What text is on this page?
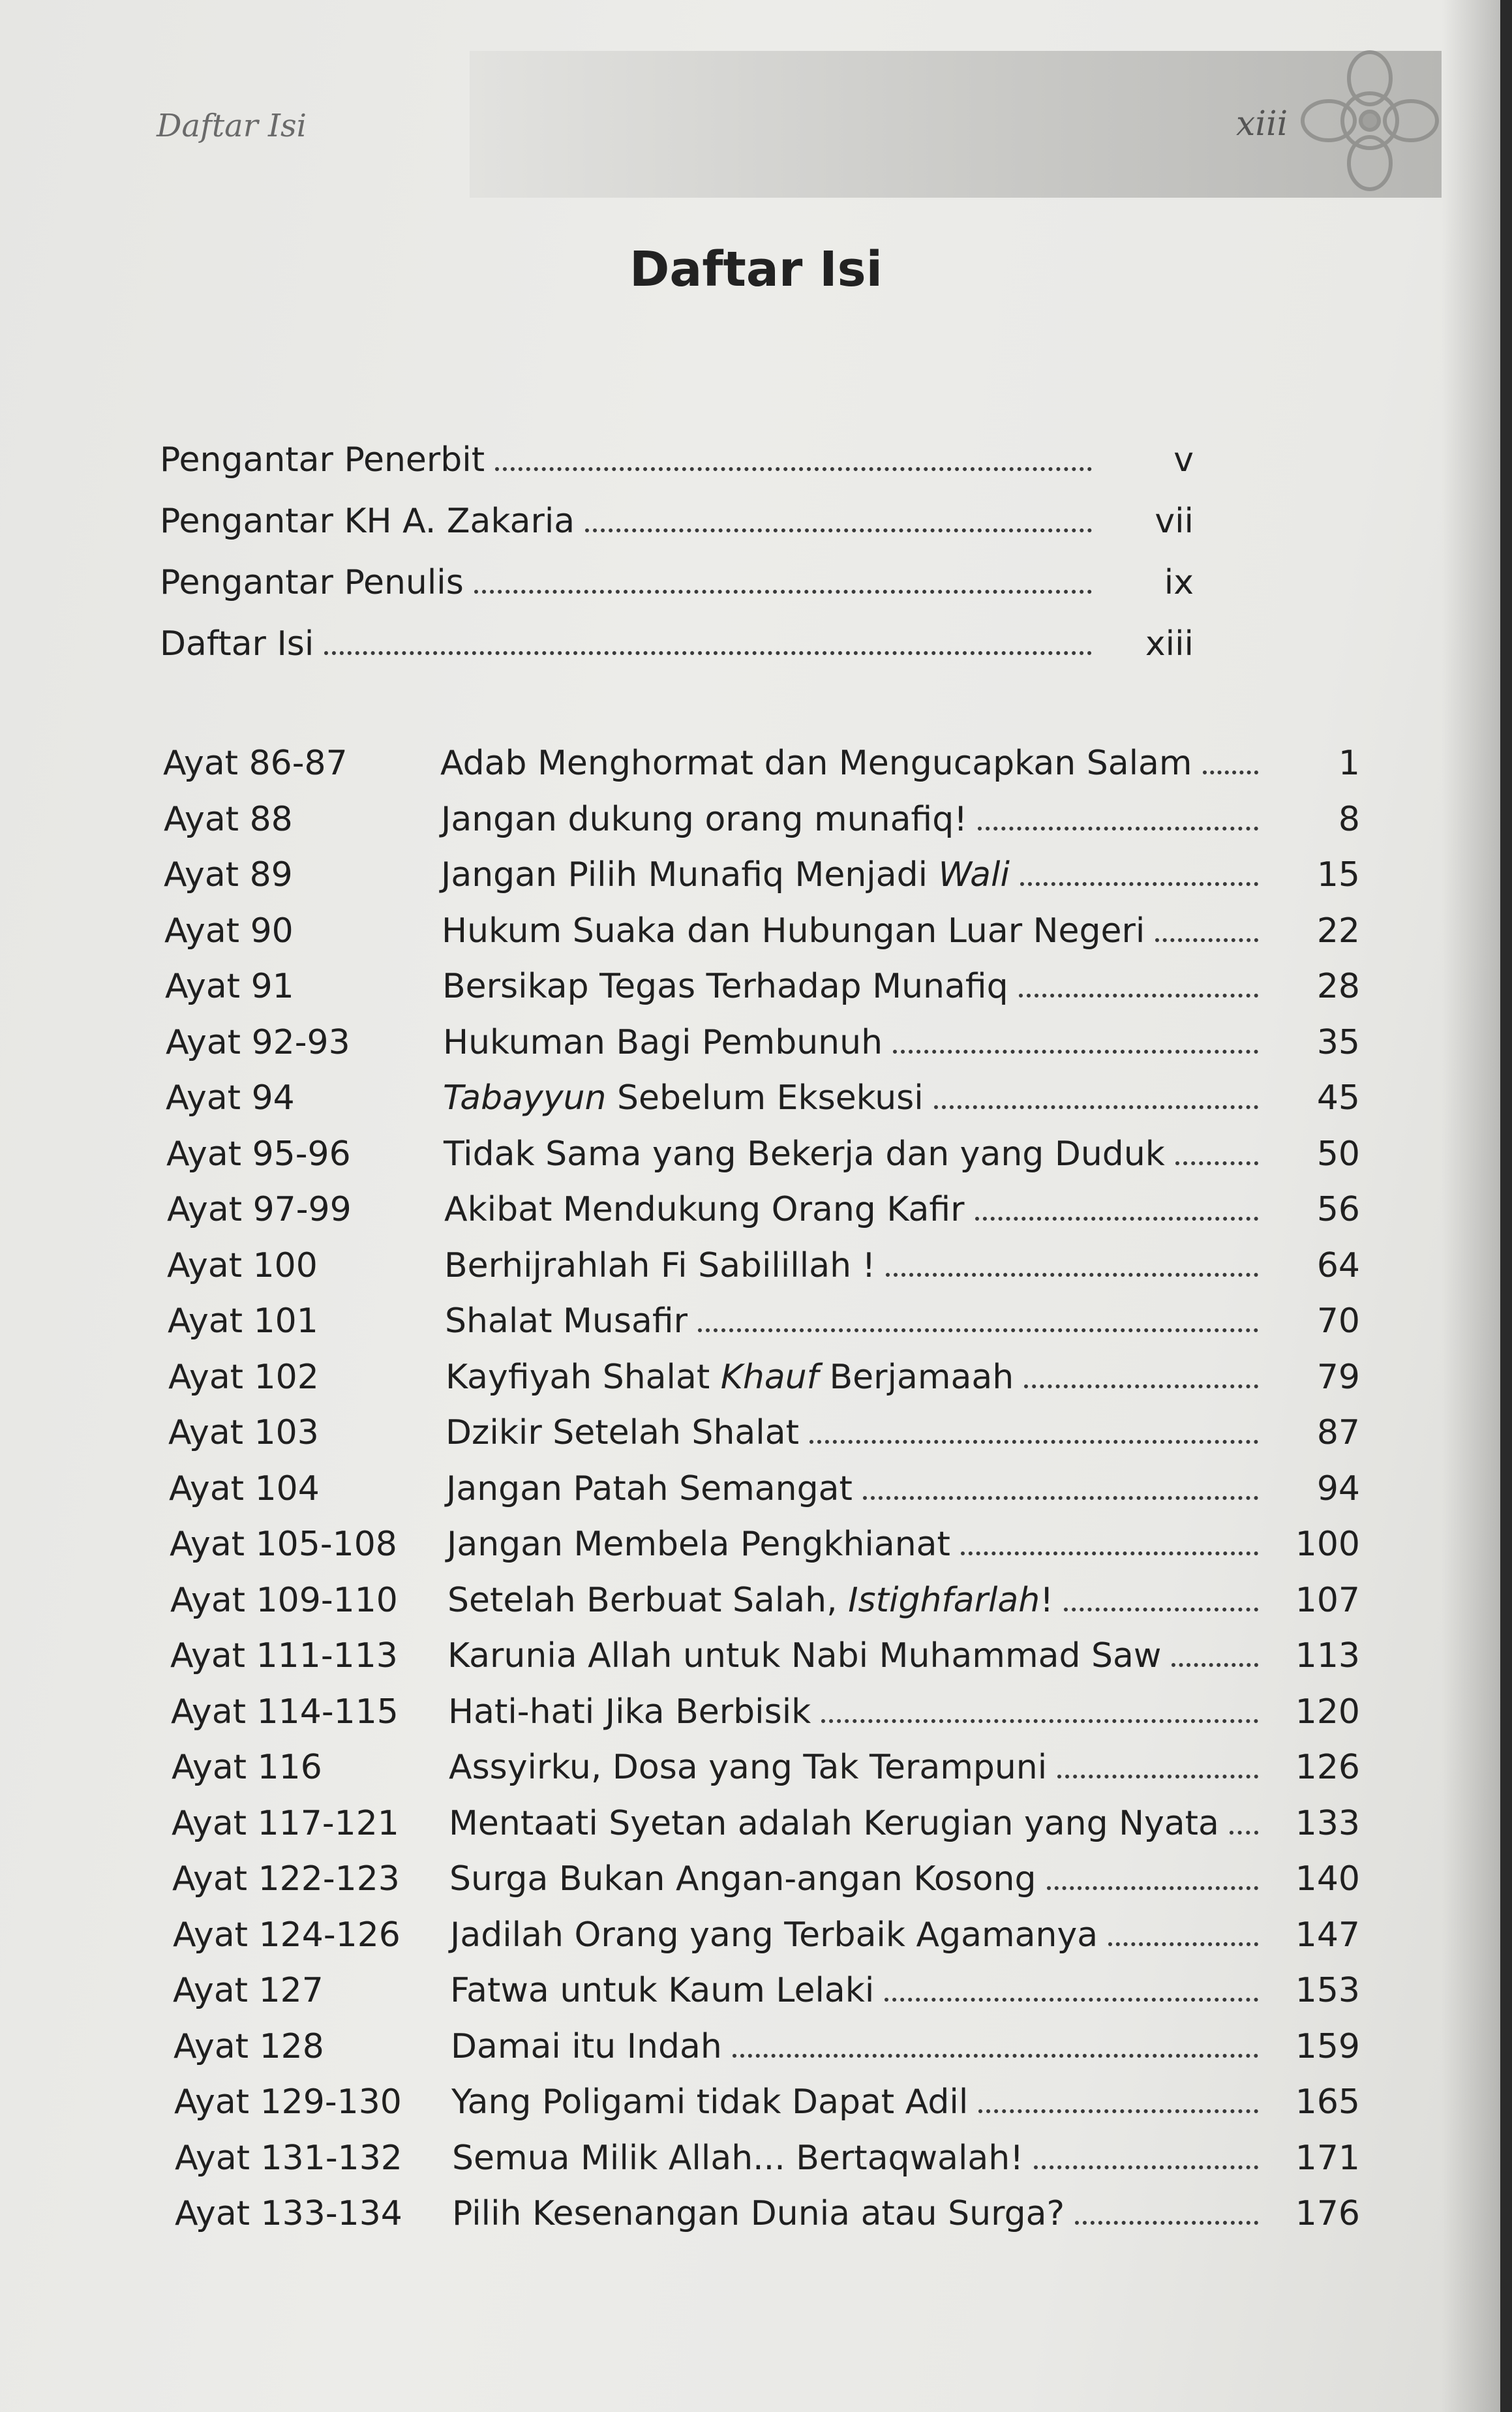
Daftar Isi	xiii
Daftar Isi
Pengantar Penerbit	v
Pengantar KH A. Zakaria	vii
Pengantar Penulis	ix
Daftar Isi	xiii
Ayat 86-87	Adab Menghormat dan Mengucapkan Salam	1
Ayat 88	Jangan dukung orang munafiq!	8
Ayat 89	Jangan Pilih Munafiq Menjadi Wali	15
Ayat 90	Hukum Suaka dan Hubungan Luar Negeri	22
Ayat 91	Bersikap Tegas Terhadap Munafiq	28
Ayat 92-93	Hukuman Bagi Pembunuh	35
Ayat 94	Tabayyun Sebelum Eksekusi	45
Ayat 95-96	Tidak Sama yang Bekerja dan yang Duduk	50
Ayat 97-99	Akibat Mendukung Orang Kafir	56
Ayat 100	Berhijrahlah Fi Sabilillah !	64
Ayat 101	Shalat Musafir	70
Ayat 102	Kayfiyah Shalat Khauf Berjamaah	79
Ayat 103	Dzikir Setelah Shalat	87
Ayat 104	Jangan Patah Semangat	94
Ayat 105-108	Jangan Membela Pengkhianat	100
Ayat 109-110	Setelah Berbuat Salah, Istighfarlah!	107
Ayat 111-113	Karunia Allah untuk Nabi Muhammad Saw	113
Ayat 114-115	Hati-hati Jika Berbisik	120
Ayat 116	Assyirku, Dosa yang Tak Terampuni	126
Ayat 117-121	Mentaati Syetan adalah Kerugian yang Nyata	133
Ayat 122-123	Surga Bukan Angan-angan Kosong	140
Ayat 124-126	Jadilah Orang yang Terbaik Agamanya	147
Ayat 127	Fatwa untuk Kaum Lelaki	153
Ayat 128	Damai itu Indah	159
Ayat 129-130	Yang Poligami tidak Dapat Adil	165
Ayat 131-132	Semua Milik Allah... Bertaqwalah!	171
Ayat 133-134	Pilih Kesenangan Dunia atau Surga?	176
